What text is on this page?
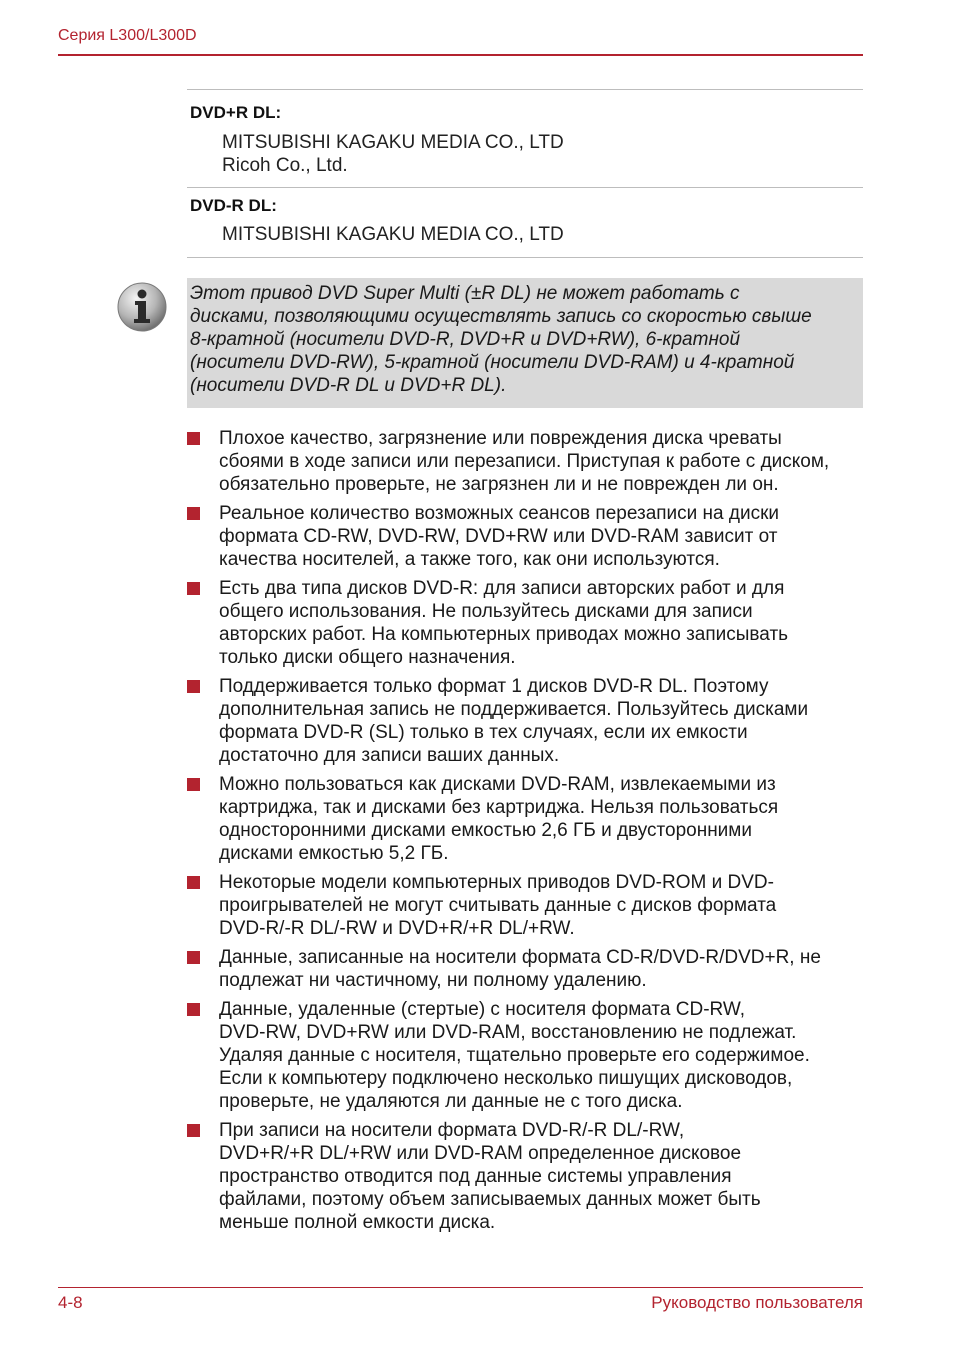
Серия L300/L300D
DVD+R DL:
MITSUBISHI KAGAKU MEDIA CO., LTD
Ricoh Co., Ltd.
DVD-R DL:
MITSUBISHI KAGAKU MEDIA CO., LTD
Этот привод DVD Super Multi (±R DL) не может работать с
дисками, позволяющими осуществлять запись со скоростью свыше
8-кратной (носители DVD-R, DVD+R и DVD+RW), 6-кратной
(носители DVD-RW), 5-кратной (носители DVD-RAM) и 4-кратной
(носители DVD-R DL и DVD+R DL).
Плохое качество, загрязнение или повреждения диска чреваты
сбоями в ходе записи или перезаписи. Приступая к работе с диском,
обязательно проверьте, не загрязнен ли и не поврежден ли он.
Реальное количество возможных сеансов перезаписи на диски
формата CD-RW, DVD-RW, DVD+RW или DVD-RAM зависит от
качества носителей, а также того, как они используются.
Есть два типа дисков DVD-R: для записи авторских работ и для
общего использования. Не пользуйтесь дисками для записи
авторских работ. На компьютерных приводах можно записывать
только диски общего назначения.
Поддерживается только формат 1 дисков DVD-R DL. Поэтому
дополнительная запись не поддерживается. Пользуйтесь дисками
формата DVD-R (SL) только в тех случаях, если их емкости
достаточно для записи ваших данных.
Можно пользоваться как дисками DVD-RAM, извлекаемыми из
картриджа, так и дисками без картриджа. Нельзя пользоваться
односторонними дисками емкостью 2,6 ГБ и двусторонними
дисками емкостью 5,2 ГБ.
Некоторые модели компьютерных приводов DVD-ROM и DVD-
проигрывателей не могут считывать данные с дисков формата
DVD-R/-R DL/-RW и DVD+R/+R DL/+RW.
Данные, записанные на носители формата CD-R/DVD-R/DVD+R, не
подлежат ни частичному, ни полному удалению.
Данные, удаленные (стертые) с носителя формата CD-RW,
DVD-RW, DVD+RW или DVD-RAM, восстановлению не подлежат.
Удаляя данные с носителя, тщательно проверьте его содержимое.
Если к компьютеру подключено несколько пишущих дисководов,
проверьте, не удаляются ли данные не с того диска.
При записи на носители формата DVD-R/-R DL/-RW,
DVD+R/+R DL/+RW или DVD-RAM определенное дисковое
пространство отводится под данные системы управления
файлами, поэтому объем записываемых данных может быть
меньше полной емкости диска.
4-8	Руководство пользователя
